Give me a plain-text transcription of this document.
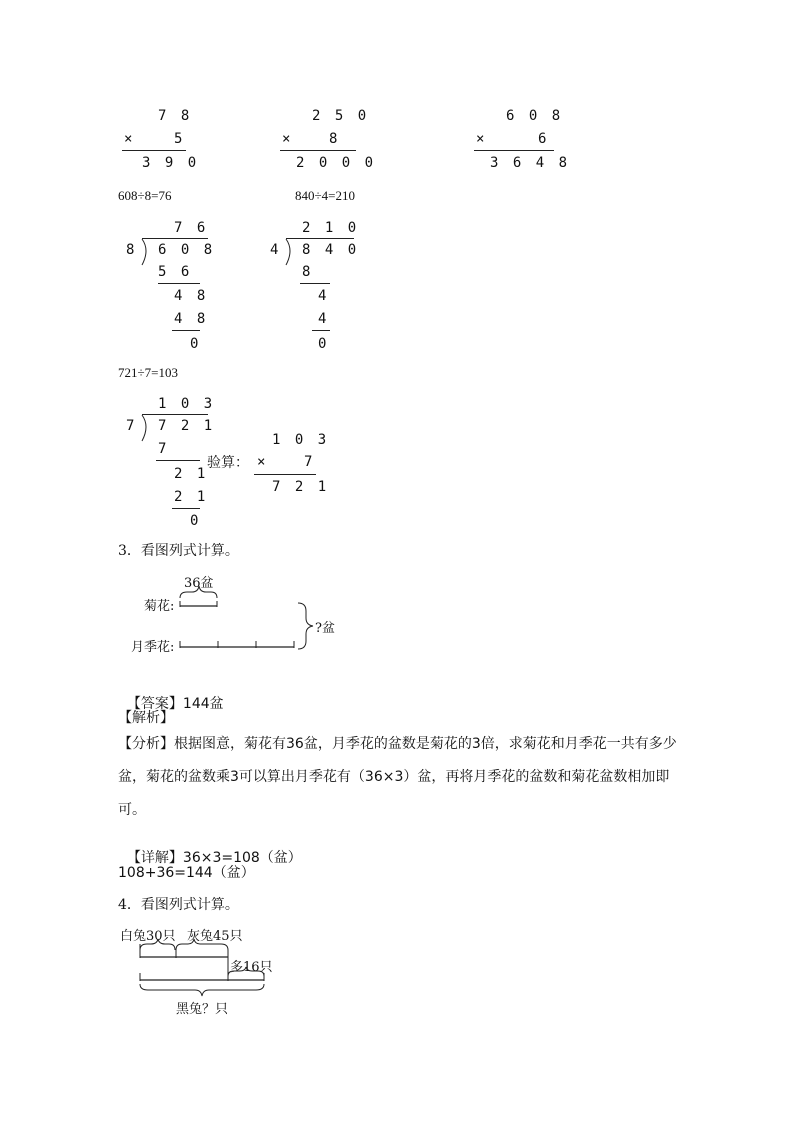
7 8
×	5
3 9 0
2 5 0
×	8
2 0 0 0
6 0 8
×	6
3 6 4 8
608÷8=76	840÷4=210
7 6
8 6 0 8
5 6
4 8
4 8
0
2 1 0
4 8 4 0
8
4
4
0
721÷7=103
1 0 3
7 7 2 1
7
2 1
2 1
0
验算：
1 0 3
×	7
7 2 1
3．看图列式计算。
36盆
菊花:
月季花:
?盆

【答案】144盆

【解析】
【分析】根据图意，菊花有36盆，月季花的盆数是菊花的3倍，求菊花和月季花一共有多少盆，菊花的盆数乘3可以算出月季花有（36×3）盆，再将月季花的盆数和菊花盆数相加即可。

【详解】36×3=108（盆）

108+36=144（盆）
4．看图列式计算。
白兔30只 灰兔45只
多16只
黑兔？只
